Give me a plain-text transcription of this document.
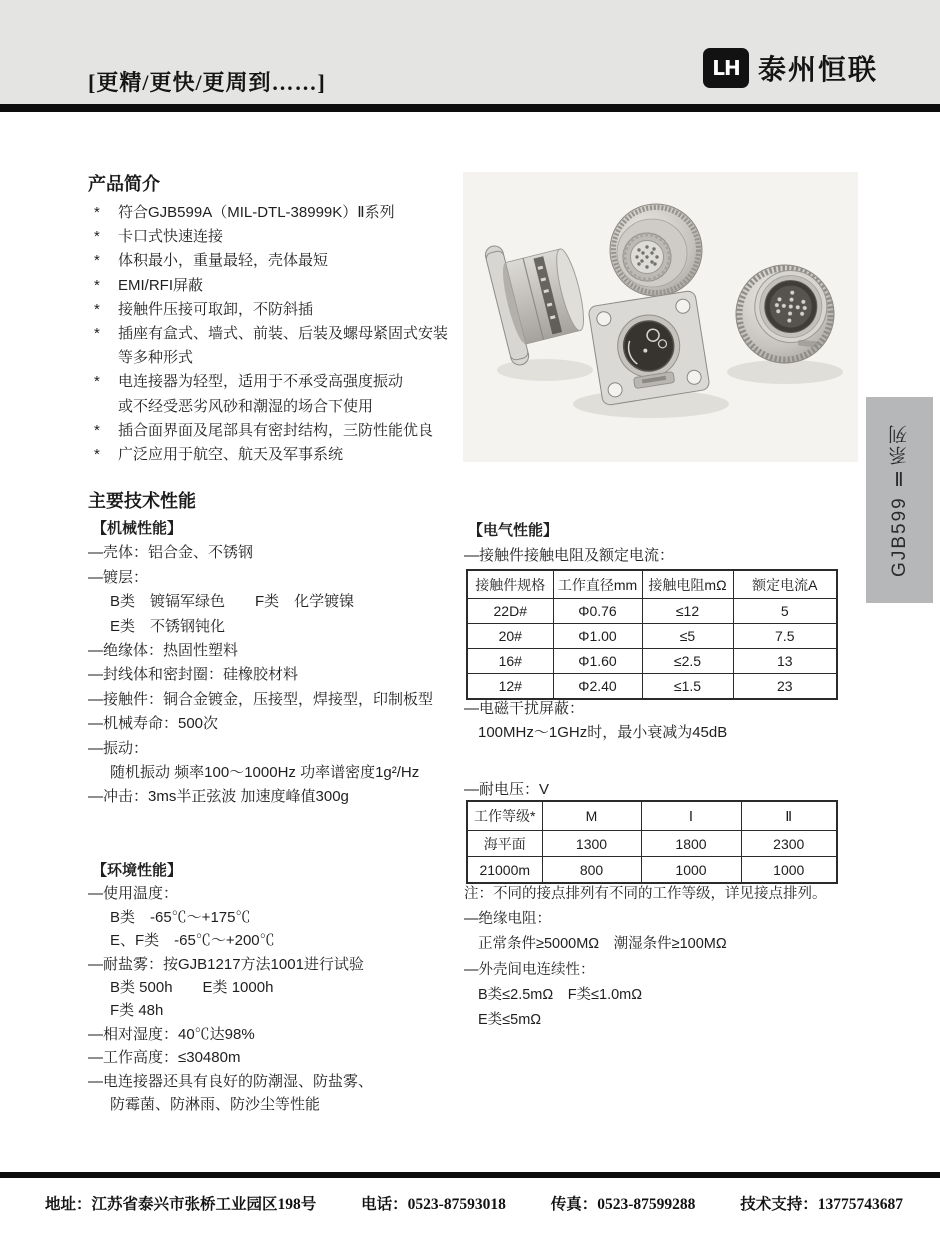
[更精/更快/更周到……]
LH 泰州恒联
GJB599 Ⅱ系列
产品简介
*	符合GJB599A（MIL-DTL-38999K）Ⅱ系列
*	卡口式快速连接
*	体积最小，重量最轻，壳体最短
*	EMI/RFI屏蔽
*	接触件压接可取卸，不防斜插
*	插座有盒式、墙式、前装、后装及螺母紧固式安装
等多种形式
*	电连接器为轻型，适用于不承受高强度振动
或不经受恶劣风砂和潮湿的场合下使用
*	插合面界面及尾部具有密封结构，三防性能优良
*	广泛应用于航空、航天及军事系统
主要技术性能
【机械性能】
—壳体：铝合金、不锈钢
—镀层：
B类　镀镉军绿色　　F类　化学镀镍
E类　不锈钢钝化
—绝缘体：热固性塑料
—封线体和密封圈：硅橡胶材料
—接触件：铜合金镀金，压接型，焊接型，印制板型
—机械寿命：500次
—振动：
随机振动 频率100～1000Hz 功率谱密度1g²/Hz
—冲击：3ms半正弦波 加速度峰值300g
【环境性能】
—使用温度：
B类　-65℃～+175℃
E、F类　-65℃～+200℃
—耐盐雾：按GJB1217方法1001进行试验
B类 500h　　E类 1000h
F类 48h
—相对湿度：40℃达98%
—工作高度：≤30480m
—电连接器还具有良好的防潮湿、防盐雾、
防霉菌、防淋雨、防沙尘等性能
【电气性能】
—接触件接触电阻及额定电流：
接触件规格	工作直径mm	接触电阻mΩ	额定电流A
22D#	Φ0.76	≤12	5
20#	Φ1.00	≤5	7.5
16#	Φ1.60	≤2.5	13
12#	Φ2.40	≤1.5	23
—电磁干扰屏蔽：
100MHz～1GHz时，最小衰减为45dB
—耐电压：V
工作等级*	M	Ⅰ	Ⅱ
海平面	1300	1800	2300
21000m	800	1000	1000
注：不同的接点排列有不同的工作等级，详见接点排列。
—绝缘电阻：
正常条件≥5000MΩ　潮湿条件≥100MΩ
—外壳间电连续性：
B类≤2.5mΩ　F类≤1.0mΩ
E类≤5mΩ
地址：江苏省泰兴市张桥工业园区198号	电话：0523-87593018	传真：0523-87599288	技术支持：13775743687
